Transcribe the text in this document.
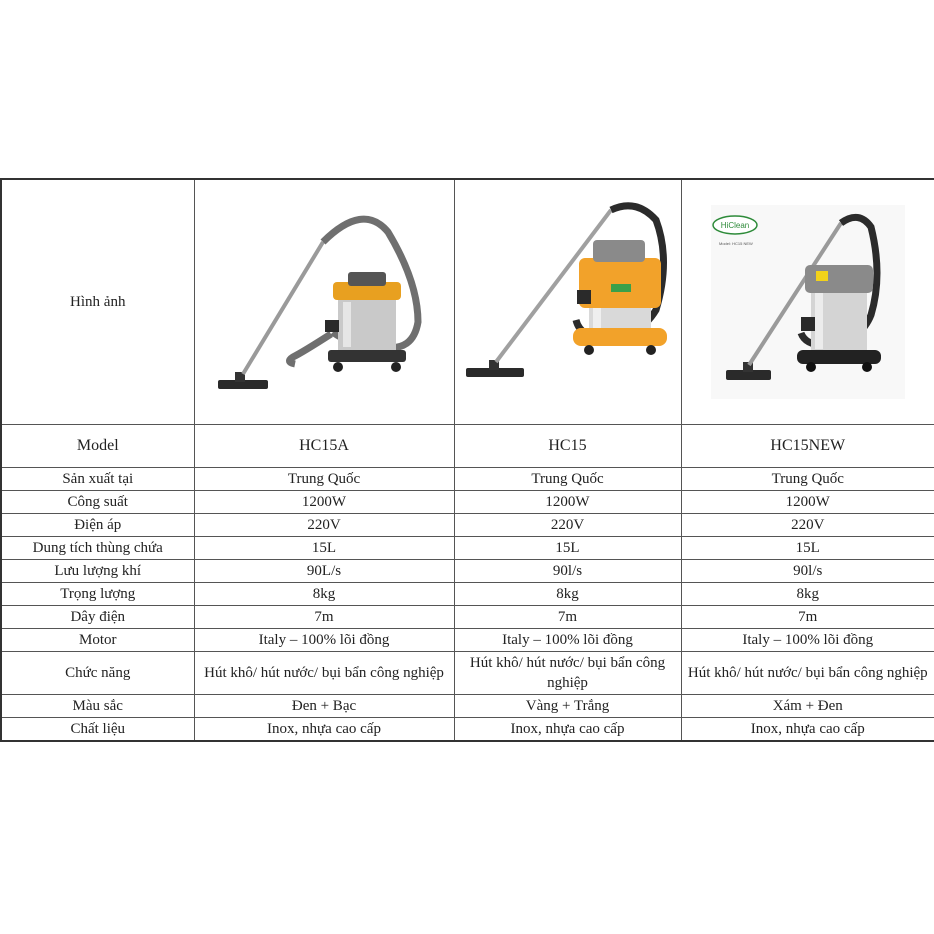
Hình ảnh			HiClean
Model: HC15 NEW

Model	HC15A	HC15	HC15NEW
Sản xuất tại	Trung Quốc	Trung Quốc	Trung Quốc
Công suất	1200W	1200W	1200W
Điện áp	220V	220V	220V
Dung tích thùng chứa	15L	15L	15L
Lưu lượng khí	90L/s	90l/s	90l/s
Trọng lượng	8kg	8kg	8kg
Dây điện	7m	7m	7m
Motor	Italy – 100% lõi đồng	Italy – 100% lõi đồng	Italy – 100% lõi đồng
Chức năng	Hút khô/ hút nước/ bụi bẩn công nghiệp	Hút khô/ hút nước/ bụi bẩn công nghiệp	Hút khô/ hút nước/ bụi bẩn công nghiệp
Màu sắc	Đen + Bạc	Vàng + Trắng	Xám + Đen
Chất liệu	Inox, nhựa cao cấp	Inox, nhựa cao cấp	Inox, nhựa cao cấp
